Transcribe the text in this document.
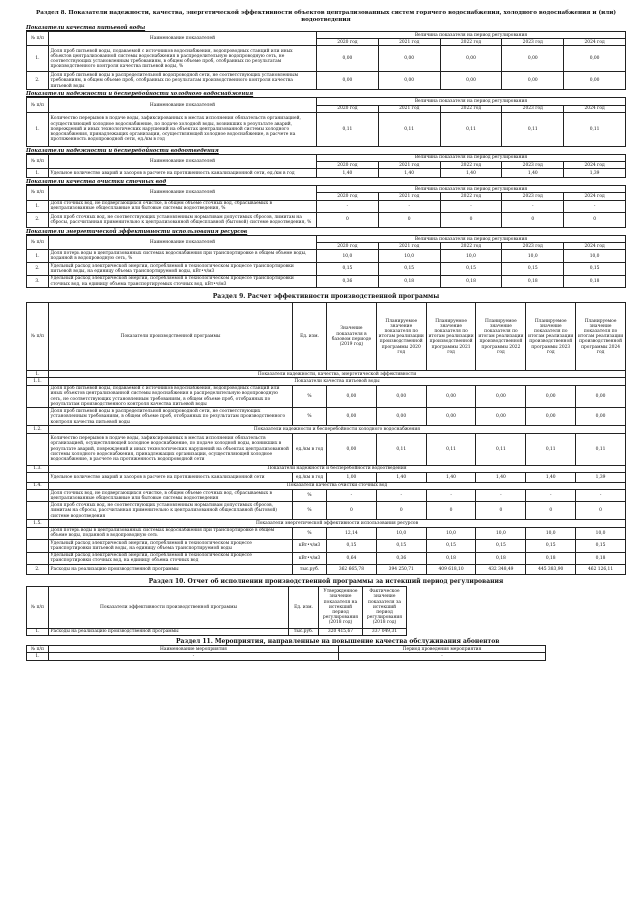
Раздел 8. Показатели надежности, качества, энергетической эффективности объектов централизованных систем горячего водоснабжения, холодного водоснабжения и (или) водоотведения
Показатели качества питьевой воды
№ п/п	Наименование показателей	Величина показателя на период регулирования				
		2020 год	2021 год	2022 год	2023 год	2024 год
1.	Доля проб питьевой воды, подаваемой с источников водоснабжения, водопроводных станций или иных объектов централизованной системы водоснабжения в распределительную водопроводную сеть, не соответствующих установленным требованиям, в общем объеме проб, отобранных по результатам производственного контроля качества питьевой воды, %	0,00	0,00	0,00	0,00	0,00
2.	Доля проб питьевой воды в распределительной водопроводной сети, не соответствующих установленным требованиям, в общем объеме проб, отобранных по результатам производственного контроля качества питьевой воды	0,00	0,00	0,00	0,00	0,00
Показатели надежности и бесперебойности холодного водоснабжения
№ п/п	Наименование показателей	Величина показателя на период регулирования				
		2020 год	2021 год	2022 год	2023 год	2024 год
1.	Количество перерывов в подаче воды, зафиксированных в местах исполнения обязательств организацией, осуществляющей холодное водоснабжение, по подаче холодной воды, возникших в результате аварий, повреждений и иных технологических нарушений на объектах централизованной системы холодного водоснабжения, принадлежащих организации, осуществляющей холодное водоснабжение, в расчете на протяженность водопроводной сети, ед./км в год	0,11	0,11	0,11	0,11	0,11
Показатели надежности и бесперебойности водоотведения
№ п/п	Наименование показателей	Величина показателя на период регулирования				
		2020 год	2021 год	2022 год	2023 год	2024 год
1.	Удельное количество аварий и засоров в расчете на протяженность канализационной сети, ед./км в год	1,40	1,40	1,40	1,40	1,39
Показатели качества очистки сточных вод
№ п/п	Наименование показателей	Величина показателя на период регулирования				
		2020 год	2021 год	2022 год	2023 год	2024 год
1.	Доля сточных вод, не подвергающихся очистке, в общем объеме сточных вод, сбрасываемых в централизованные общесплавные или бытовые системы водоотведения, %	-	-	-	-	-
2.	Доля проб сточных вод, не соответствующих установленным нормативам допустимых сбросов, лимитам на сбросы, рассчитанная применительно к централизованной общесплавной (бытовой) системе водоотведения, %	0	0	0	0	0
Показатели энергетической эффективности использования ресурсов
№ п/п	Наименование показателей	Величина показателя на период регулирования				
		2020 год	2021 год	2022 год	2023 год	2024 год
1.	Доля потерь воды в централизованных системах водоснабжения при транспортировке в общем объеме воды, поданной в водопроводную сеть, %	10,0	10,0	10,0	10,0	10,0
2.	Удельный расход электрической энергии, потребляемой в технологическом процессе транспортировки питьевой воды, на единицу объема транспортируемой воды, кВт•ч/м3	0,15	0,15	0,15	0,15	0,15
3.	Удельный расход электрической энергии, потребляемой в технологическом процессе транспортировки сточных вод, на единицу объема транспортируемых сточных вод, кВт•ч/м3	0,36	0,18	0,18	0,18	0,18
Раздел 9. Расчет эффективности производственной программы
№ п/п	Показатели производственной программы	Ед. изм.	Значение показателя в базовом периоде (2019 год)	Планируемое значение показателя по итогам реализации производственной программы 2020 год	Планируемое значение показателя по итогам реализации производственной программы 2021 год	Планируемое значение показателя по итогам реализации производственной программы 2022 год	Планируемое значение показателя по итогам реализации производственной программы 2023 год	Планируемое значение показателя по итогам реализации производственной программы 2024 год
1.	Показатели надежности, качества, энергетической эффективности							
1.1.	Показатели качества питьевой воды							
	Доля проб питьевой воды, подаваемой с источников водоснабжения, водопроводных станций или иных объектов централизованной системы водоснабжения в распределительную водопроводную сеть, не соответствующих установленным требованиям, в общем объеме проб, отобранных по результатам производственного контроля качества питьевой воды	%	0,00	0,00	0,00	0,00	0,00	0,00
	Доля проб питьевой воды в распределительной водопроводной сети, не соответствующих установленным требованиям, в общем объеме проб, отобранных по результатам производственного контроля качества питьевой воды	%	0,00	0,00	0,00	0,00	0,00	0,00
1.2.	Показатели надежности и бесперебойности холодного водоснабжения							
	Количество перерывов в подаче воды, зафиксированных в местах исполнения обязательств организацией, осуществляющей холодное водоснабжение, по подаче холодной воды, возникших в результате аварий, повреждений и иных технологических нарушений на объектах централизованной системы холодного водоснабжения, принадлежащих организации, осуществляющей холодное водоснабжение, в расчете на протяженность водопроводной сети	ед./км в год	0,00	0,11	0,11	0,11	0,11	0,11
1.3.	Показатели надежности и бесперебойности водоотведения							
	Удельное количество аварий и засоров в расчете на протяженность канализационной сети	ед./км в год	1,00	1,40	1,40	1,40	1,40	1,39
1.4.	Показатели качества очистки сточных вод							
	Доля сточных вод, не подвергающихся очистке, в общем объеме сточных вод, сбрасываемых в централизованные общесплавные или бытовые системы водоотведения	%	-	-	-	-	-	-
	Доля проб сточных вод, не соответствующих установленным нормативам допустимых сбросов, лимитам на сбросы, рассчитанная применительно к централизованной общесплавной (бытовой) системе водоотведения	%	0	0	0	0	0	0
1.5.	Показатели энергетической эффективности использования ресурсов							
	Доля потерь воды в централизованных системах водоснабжения при транспортировке в общем объеме воды, поданной в водопроводную сеть	%	12,14	10,0	10,0	10,0	10,0	10,0
	Удельный расход электрической энергии, потребляемой в технологическом процессе транспортировки питьевой воды, на единицу объема транспортируемой воды	кВт•ч/м3	0,15	0,15	0,15	0,15	0,15	0,15
	Удельный расход электрической энергии, потребляемой в технологическом процессе транспортировки сточных вод, на единицу объема сточных вод	кВт•ч/м3	0,64	0,36	0,18	0,18	0,18	0,18
2.	Расходы на реализацию производственной программы	тыс.руб.	362 665,78	394 250,71	409 618,10	432 348,49	445 383,90	462 126,11
Раздел 10. Отчет об исполнении производственной программы за истекший период регулирования
№ п/п	Показатели эффективности производственной программы	Ед. изм.	Утвержденное значение показателя на истекший период регулирования (2018 год)	Фактическое значение показателя за истекший период регулирования (2018 год)
1.	Расходы на реализацию производственной программы	тыс.руб.	320 415,67	337 049,31
Раздел 11. Мероприятия, направленные на повышение качества обслуживания абонентов
№ п/п	Наименование мероприятия	Период проведения мероприятия
1.	-	-
